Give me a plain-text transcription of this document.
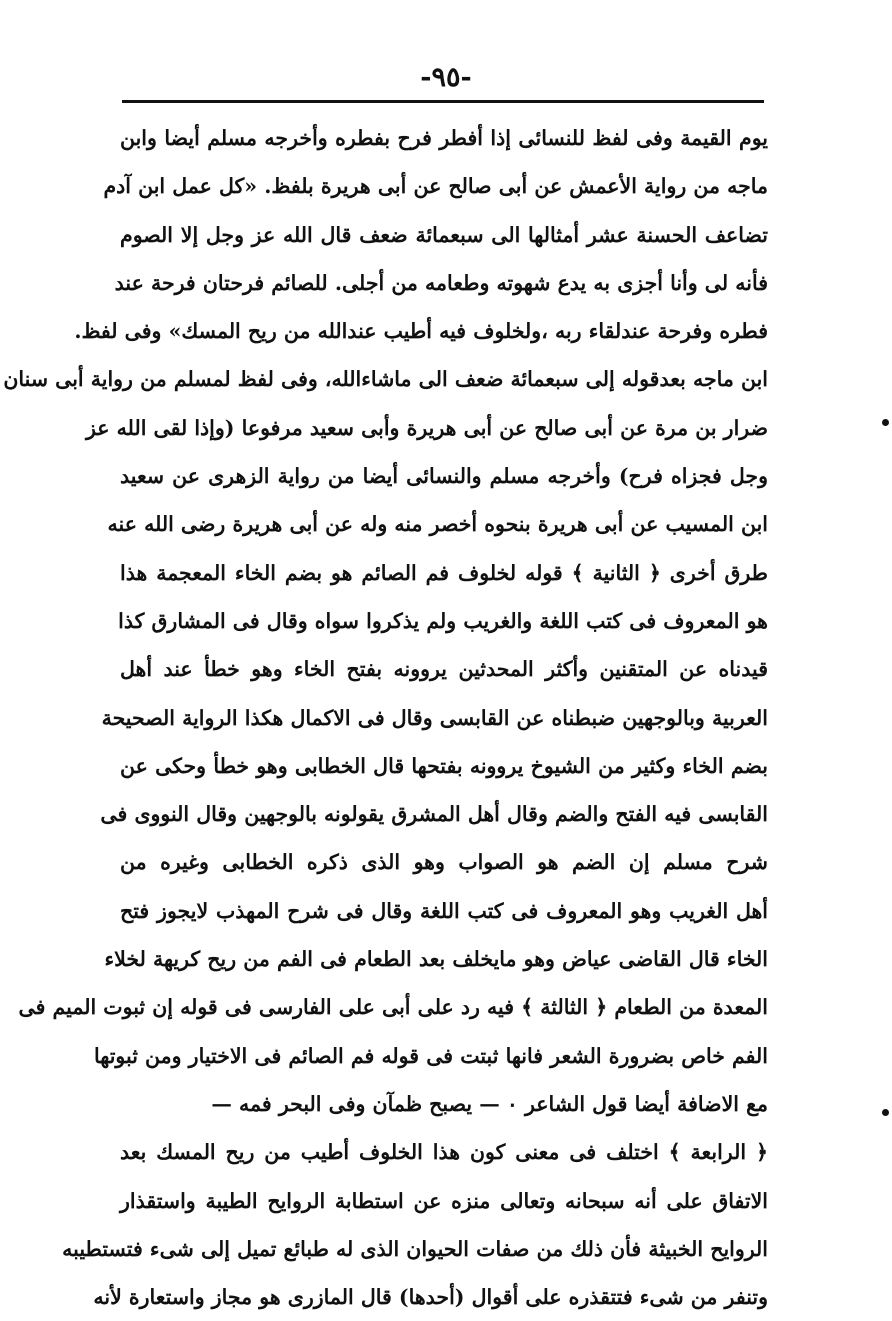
-٩٥-
يوم القيمة وفى لفظ للنسائى إذا أفطر فرح بفطره وأخرجه مسلم أيضا وابن
ماجه من رواية الأعمش عن أبى صالح عن أبى هريرة بلفظ. «كل عمل ابن آدم
تضاعف الحسنة عشر أمثالها الى سبعمائة ضعف قال الله عز وجل إلا الصوم
فأنه لى وأنا أجزى به يدع شهوته وطعامه من أجلى. للصائم فرحتان فرحة عند
فطره وفرحة عندلقاء ربه ،ولخلوف فيه أطيب عندالله من ريح المسك» وفى لفظ.
ابن ماجه بعدقوله إلى سبعمائة ضعف الى ماشاءالله، وفى لفظ لمسلم من رواية أبى سنان
ضرار بن مرة عن أبى صالح عن أبى هريرة وأبى سعيد مرفوعا (وإذا لقى الله عز
وجل فجزاه فرح) وأخرجه مسلم والنسائى أيضا من رواية الزهرى عن سعيد
ابن المسيب عن أبى هريرة بنحوه أخصر منه وله عن أبى هريرة رضى الله عنه
طرق أخرى ﴿ الثانية ﴾ قوله لخلوف فم الصائم هو بضم الخاء المعجمة هذا
هو المعروف فى كتب اللغة والغريب ولم يذكروا سواه وقال فى المشارق كذا
قيدناه عن المتقنين وأكثر المحدثين يروونه بفتح الخاء وهو خطأ عند أهل
العربية وبالوجهين ضبطناه عن القابسى وقال فى الاكمال هكذا الرواية الصحيحة
بضم الخاء وكثير من الشيوخ يروونه بفتحها قال الخطابى وهو خطأ وحكى عن
القابسى فيه الفتح والضم وقال أهل المشرق يقولونه بالوجهين وقال النووى فى
شرح مسلم إن الضم هو الصواب وهو الذى ذكره الخطابى وغيره من
أهل الغريب وهو المعروف فى كتب اللغة وقال فى شرح المهذب لايجوز فتح
الخاء قال القاضى عياض وهو مايخلف بعد الطعام فى الفم من ريح كريهة لخلاء
المعدة من الطعام ﴿ الثالثة ﴾ فيه رد على أبى على الفارسى فى قوله إن ثبوت الميم فى
الفم خاص بضرورة الشعر فانها ثبتت فى قوله فم الصائم فى الاختيار ومن ثبوتها
مع الاضافة أيضا قول الشاعر ٠ — يصبح ظمآن وفى البحر فمه —
﴿ الرابعة ﴾ اختلف فى معنى كون هذا الخلوف أطيب من ريح المسك بعد
الاتفاق على أنه سبحانه وتعالى منزه عن استطابة الروايح الطيبة واستقذار
الروايح الخبيثة فأن ذلك من صفات الحيوان الذى له طبائع تميل إلى شىء فتستطيبه
وتنفر من شىء فتتقذره على أقوال (أحدها) قال المازرى هو مجاز واستعارة لأنه
